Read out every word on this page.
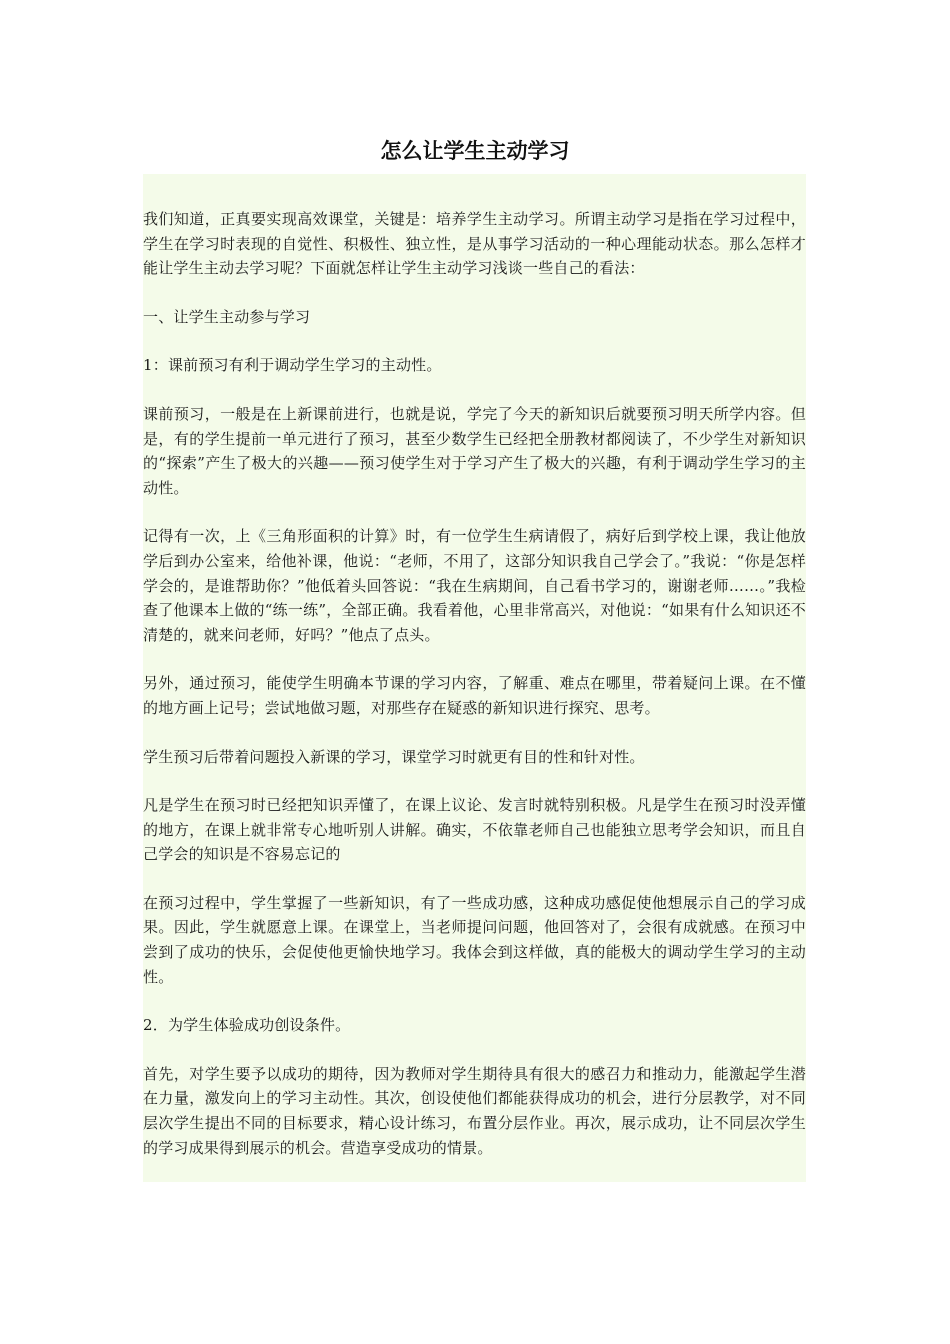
怎么让学生主动学习

我们知道，正真要实现高效课堂，关键是：培养学生主动学习。所谓主动学习是指在学习过程中，学生在学习时表现的自觉性、积极性、独立性，是从事学习活动的一种心理能动状态。那么怎样才能让学生主动去学习呢？下面就怎样让学生主动学习浅谈一些自己的看法：

一、让学生主动参与学习

1：课前预习有利于调动学生学习的主动性。

课前预习，一般是在上新课前进行，也就是说，学完了今天的新知识后就要预习明天所学内容。但是，有的学生提前一单元进行了预习，甚至少数学生已经把全册教材都阅读了，不少学生对新知识的“探索”产生了极大的兴趣——预习使学生对于学习产生了极大的兴趣，有利于调动学生学习的主动性。

记得有一次，上《三角形面积的计算》时，有一位学生生病请假了，病好后到学校上课，我让他放学后到办公室来，给他补课，他说：“老师，不用了，这部分知识我自己学会了。”我说：“你是怎样学会的，是谁帮助你？”他低着头回答说：“我在生病期间，自己看书学习的，谢谢老师……。”我检查了他课本上做的“练一练”，全部正确。我看着他，心里非常高兴，对他说：“如果有什么知识还不清楚的，就来问老师，好吗？”他点了点头。

另外，通过预习，能使学生明确本节课的学习内容，了解重、难点在哪里，带着疑问上课。在不懂的地方画上记号；尝试地做习题，对那些存在疑惑的新知识进行探究、思考。

学生预习后带着问题投入新课的学习，课堂学习时就更有目的性和针对性。

凡是学生在预习时已经把知识弄懂了，在课上议论、发言时就特别积极。凡是学生在预习时没弄懂的地方，在课上就非常专心地听别人讲解。确实，不依靠老师自己也能独立思考学会知识，而且自己学会的知识是不容易忘记的

在预习过程中，学生掌握了一些新知识，有了一些成功感，这种成功感促使他想展示自己的学习成果。因此，学生就愿意上课。在课堂上，当老师提问问题，他回答对了，会很有成就感。在预习中尝到了成功的快乐，会促使他更愉快地学习。我体会到这样做，真的能极大的调动学生学习的主动性。

2．为学生体验成功创设条件。

首先，对学生要予以成功的期待，因为教师对学生期待具有很大的感召力和推动力，能激起学生潜在力量，激发向上的学习主动性。其次，创设使他们都能获得成功的机会，进行分层教学，对不同层次学生提出不同的目标要求，精心设计练习，布置分层作业。再次，展示成功，让不同层次学生的学习成果得到展示的机会。营造享受成功的情景。
